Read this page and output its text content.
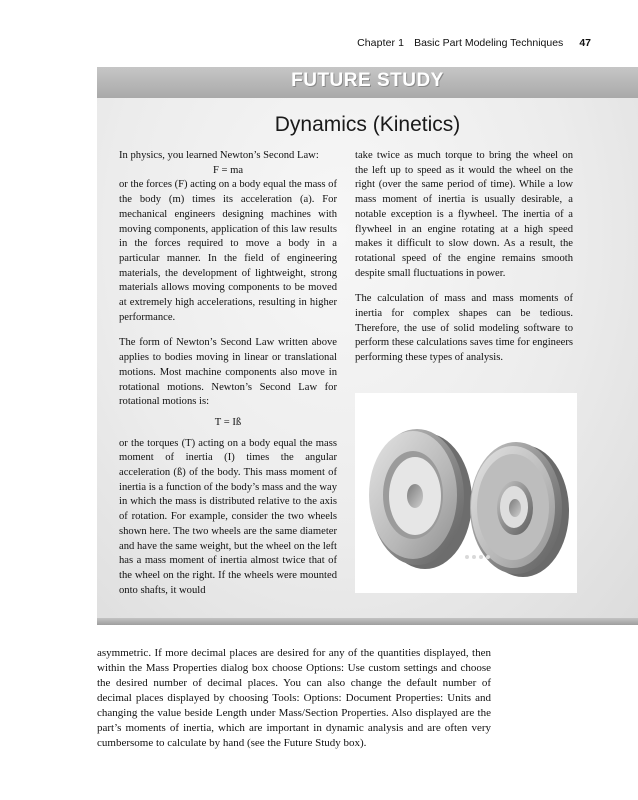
Chapter 1 Basic Part Modeling Techniques 47
FUTURE STUDY
Dynamics (Kinetics)

In physics, you learned Newton’s Second Law:

F = ma

or the forces (F) acting on a body equal the mass of the body (m) times its acceleration (a). For mechanical engineers designing machines with moving components, application of this law results in the forces required to move a body in a particular manner. In the field of engineering materials, the development of lightweight, strong materials allows moving components to be moved at extremely high accelerations, resulting in higher performance.

The form of Newton’s Second Law written above applies to bodies moving in linear or translational motions. Most machine components also move in rotational motions. Newton’s Second Law for rotational motions is:

T = Iß

or the torques (T) acting on a body equal the mass moment of inertia (I) times the angular acceleration (ß) of the body. This mass moment of inertia is a function of the body’s mass and the way in which the mass is distributed relative to the axis of rotation. For example, consider the two wheels shown here. The two wheels are the same diameter and have the same weight, but the wheel on the left has a mass moment of inertia almost twice that of the wheel on the right. If the wheels were mounted onto shafts, it would

take twice as much torque to bring the wheel on the left up to speed as it would the wheel on the right (over the same period of time). While a low mass moment of inertia is usually desirable, a notable exception is a flywheel. The inertia of a flywheel in an engine rotating at a high speed makes it difficult to slow down. As a result, the rotational speed of the engine remains smooth despite small fluctuations in power.

The calculation of mass and mass moments of inertia for complex shapes can be tedious. Therefore, the use of solid modeling software to perform these calculations saves time for engineers performing these types of analysis.

asymmetric. If more decimal places are desired for any of the quantities displayed, then within the Mass Properties dialog box choose Options: Use custom settings and choose the desired number of decimal places. You can also change the default number of decimal places displayed by choosing Tools: Options: Document Properties: Units and changing the value beside Length under Mass/Section Properties. Also displayed are the part’s moments of inertia, which are important in dynamic analysis and are often very cumbersome to calculate by hand (see the Future Study box).
